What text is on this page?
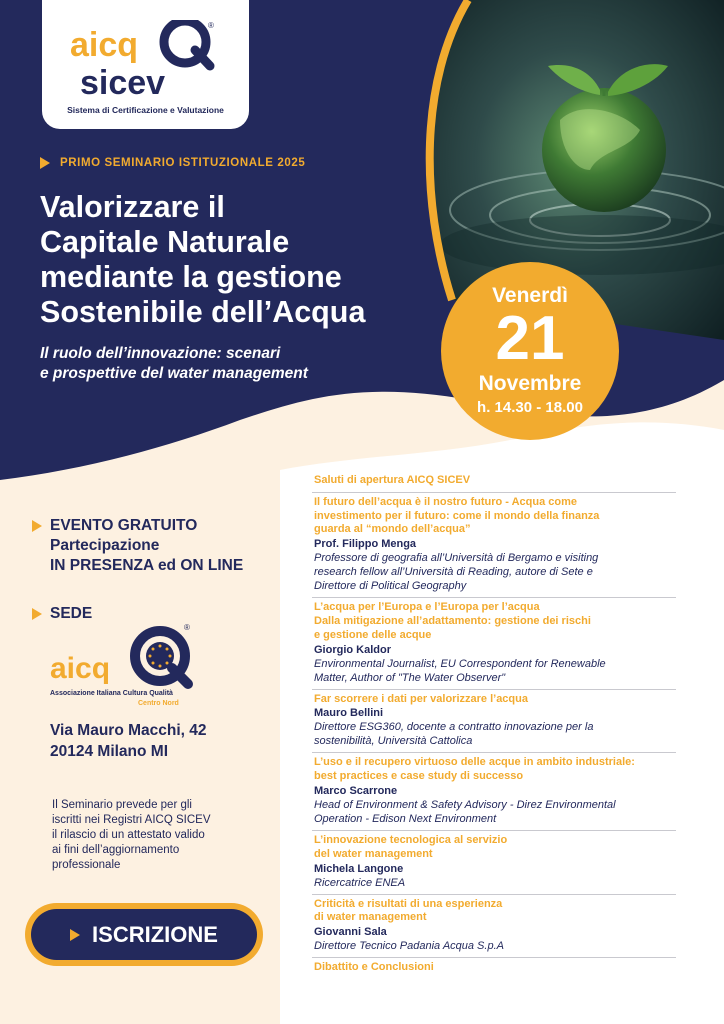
aicq
®
sicev
Sistema di Certificazione e Valutazione
PRIMO SEMINARIO ISTITUZIONALE 2025
Valorizzare il
Capitale Naturale
mediante la gestione
Sostenibile dell’Acqua
Il ruolo dell’innovazione: scenari
e prospettive del water management
Venerdì
21
Novembre
h. 14.30 - 18.00
EVENTO GRATUITO
Partecipazione
IN PRESENZA ed ON LINE
SEDE
aicq
®
Associazione Italiana Cultura Qualità
Centro Nord
Via Mauro Macchi, 42
20124 Milano MI
Il Seminario prevede per gli
iscritti nei Registri AICQ SICEV
il rilascio di un attestato valido
ai fini dell’aggiornamento
professionale
ISCRIZIONE
Saluti di apertura AICQ SICEV
Il futuro dell’acqua è il nostro futuro - Acqua come
investimento per il futuro: come il mondo della finanza
guarda al “mondo dell’acqua”
Prof. Filippo Menga
Professore di geografia all’Università di Bergamo e visiting
research fellow all’Università di Reading, autore di Sete e
Direttore di Political Geography
L’acqua per l’Europa e l’Europa per l’acqua
Dalla mitigazione all’adattamento: gestione dei rischi
e gestione delle acque
Giorgio Kaldor
Environmental Journalist, EU Correspondent for Renewable
Matter, Author of "The Water Observer"
Far scorrere i dati per valorizzare l’acqua
Mauro Bellini
Direttore ESG360, docente a contratto innovazione per la
sostenibilità, Università Cattolica
L’uso e il recupero virtuoso delle acque in ambito industriale:
best practices e case study di successo
Marco Scarrone
Head of Environment & Safety Advisory - Direz Environmental
Operation - Edison Next Environment
L’innovazione tecnologica al servizio
del water management
Michela Langone
Ricercatrice ENEA
Criticità e risultati di una esperienza
di water management
Giovanni Sala
Direttore Tecnico Padania Acqua S.p.A
Dibattito e Conclusioni
